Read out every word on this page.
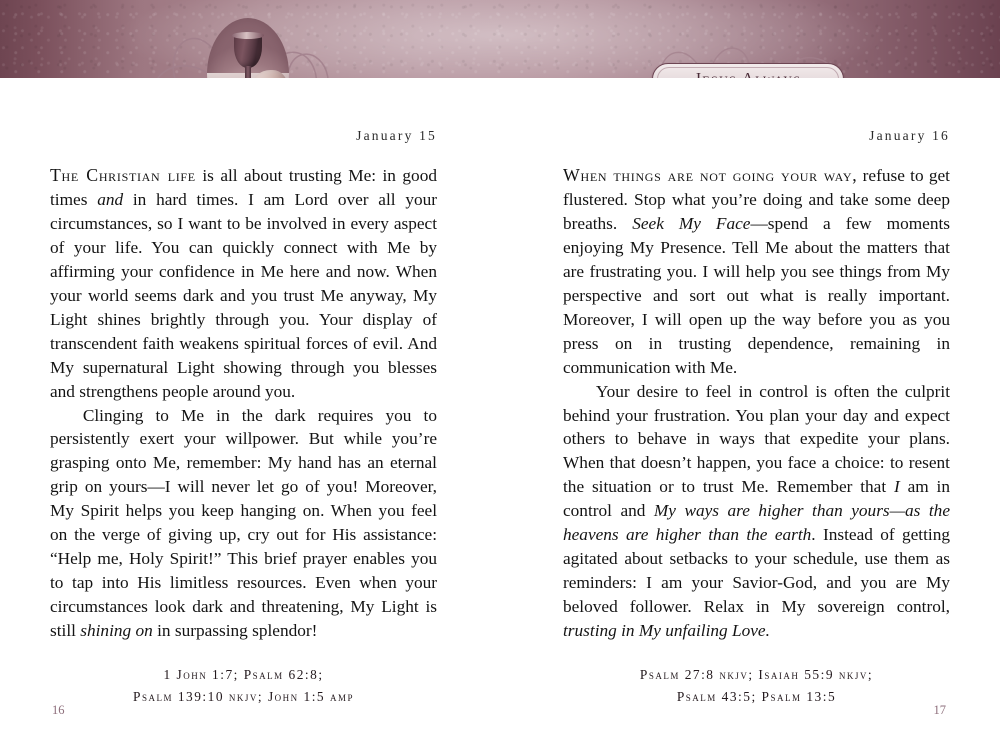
January 15

The Christian life is all about trusting Me: in good times and in hard times. I am Lord over all your circumstances, so I want to be involved in every aspect of your life. You can quickly connect with Me by affirming your confidence in Me here and now. When your world seems dark and you trust Me anyway, My Light shines brightly through you. Your display of transcendent faith weakens spiritual forces of evil. And My supernatural Light showing through you blesses and strengthens people around you.

Clinging to Me in the dark requires you to persistently exert your willpower. But while you’re grasping onto Me, remember: My hand has an eternal grip on yours—I will never let go of you! Moreover, My Spirit helps you keep hanging on. When you feel on the verge of giving up, cry out for His assistance: “Help me, Holy Spirit!” This brief prayer enables you to tap into His limitless resources. Even when your circumstances look dark and threatening, My Light is still shining on in surpassing splendor!

1 John 1:7; Psalm 62:8;
Psalm 139:10 nkjv; John 1:5 amp
January 16

When things are not going your way, refuse to get flustered. Stop what you’re doing and take some deep breaths. Seek My Face—spend a few moments enjoying My Presence. Tell Me about the matters that are frustrating you. I will help you see things from My perspective and sort out what is really important. Moreover, I will open up the way before you as you press on in trusting dependence, remaining in communication with Me.

Your desire to feel in control is often the culprit behind your frustration. You plan your day and expect others to behave in ways that expedite your plans. When that doesn’t happen, you face a choice: to resent the situation or to trust Me. Remember that I am in control and My ways are higher than yours—as the heavens are higher than the earth. Instead of getting agitated about setbacks to your schedule, use them as reminders: I am your Savior-God, and you are My beloved follower. Relax in My sovereign control, trusting in My unfailing Love.

Psalm 27:8 nkjv; Isaiah 55:9 nkjv;
Psalm 43:5; Psalm 13:5
16	17
